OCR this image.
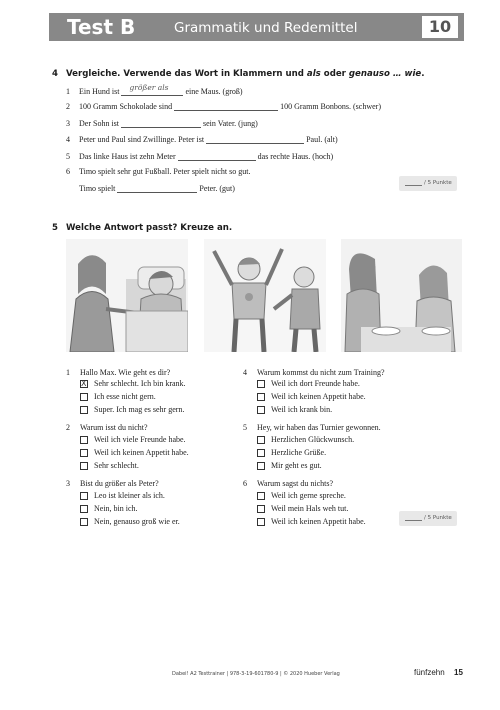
Test B	Grammatik und Redemittel	10
4 Vergleiche. Verwende das Wort in Klammern und als oder genauso … wie.
1 Ein Hund ist größer als eine Maus. (groß)
2 100 Gramm Schokolade sind	100 Gramm Bonbons. (schwer)
3 Der Sohn ist	sein Vater. (jung)
4 Peter und Paul sind Zwillinge. Peter ist	Paul. (alt)
5 Das linke Haus ist zehn Meter	das rechte Haus. (hoch)
6 Timo spielt sehr gut Fußball. Peter spielt nicht so gut.
Timo spielt	Peter. (gut)
/ 5 Punkte
5 Welche Antwort passt? Kreuze an.
1 Hallo Max. Wie geht es dir?
X Sehr schlecht. Ich bin krank.
Ich esse nicht gern.
Super. Ich mag es sehr gern.
2 Warum isst du nicht?
Weil ich viele Freunde habe.
Weil ich keinen Appetit habe.
Sehr schlecht.
3 Bist du größer als Peter?
Leo ist kleiner als ich.
Nein, bin ich.
Nein, genauso groß wie er.
4 Warum kommst du nicht zum Training?
Weil ich dort Freunde habe.
Weil ich keinen Appetit habe.
Weil ich krank bin.
5 Hey, wir haben das Turnier gewonnen.
Herzlichen Glückwunsch.
Herzliche Grüße.
Mir geht es gut.
6 Warum sagst du nichts?
Weil ich gerne spreche.
Weil mein Hals weh tut.
Weil ich keinen Appetit habe.	/ 5 Punkte
Dabei! A2 Testtrainer | 978-3-19-601780-9 | © 2020 Hueber Verlag	fünfzehn 15
